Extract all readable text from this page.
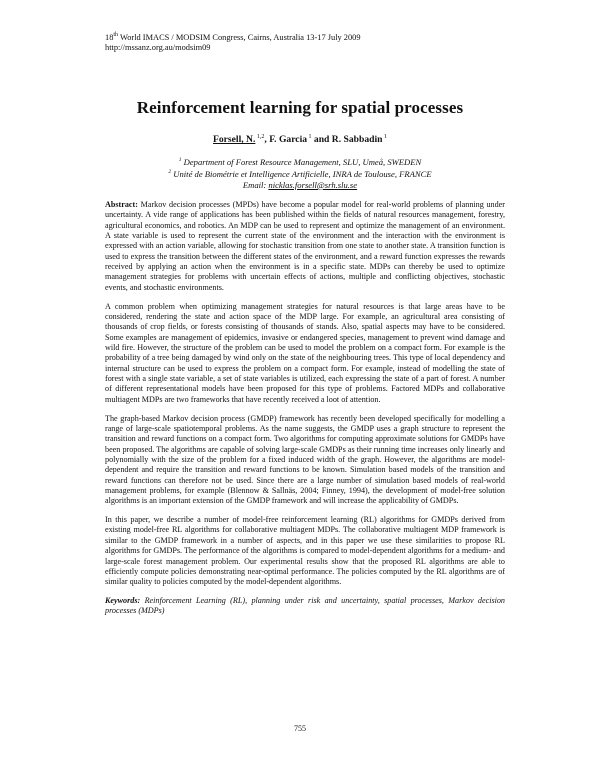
18th World IMACS / MODSIM Congress, Cairns, Australia 13-17 July 2009
http://mssanz.org.au/modsim09
Reinforcement learning for spatial processes
Forsell, N. $^{1,2}$, F. Garcia $^1$ and R. Sabbadin $^1$
$^1$ Department of Forest Resource Management, SLU, Umeå, SWEDEN
$^2$ Unité de Biométrie et Intelligence Artificielle, INRA de Toulouse, FRANCE
Email: nicklas.forsell@srh.slu.se

Abstract: Markov decision processes (MPDs) have become a popular model for real-world problems of planning under uncertainty. A vide range of applications has been published within the fields of natural resources management, forestry, agricultural economics, and robotics. An MDP can be used to represent and optimize the management of an environment. A state variable is used to represent the current state of the environment and the interaction with the environment is expressed with an action variable, allowing for stochastic transition from one state to another state. A transition function is used to express the transition between the different states of the environment, and a reward function expresses the rewards received by applying an action when the environment is in a specific state. MDPs can thereby be used to optimize management strategies for problems with uncertain effects of actions, multiple and conflicting objectives, stochastic events, and stochastic environments.

A common problem when optimizing management strategies for natural resources is that large areas have to be considered, rendering the state and action space of the MDP large. For example, an agricultural area consisting of thousands of crop fields, or forests consisting of thousands of stands. Also, spatial aspects may have to be considered. Some examples are management of epidemics, invasive or endangered species, management to prevent wind damage and wild fire. However, the structure of the problem can be used to model the problem on a compact form. For example is the probability of a tree being damaged by wind only on the state of the neighbouring trees. This type of local dependency and internal structure can be used to express the problem on a compact form. For example, instead of modelling the state of forest with a single state variable, a set of state variables is utilized, each expressing the state of a part of forest. A number of different representational models have been proposed for this type of problems. Factored MDPs and collaborative multiagent MDPs are two frameworks that have recently received a loot of attention.

The graph-based Markov decision process (GMDP) framework has recently been developed specifically for modelling a range of large-scale spatiotemporal problems. As the name suggests, the GMDP uses a graph structure to represent the transition and reward functions on a compact form. Two algorithms for computing approximate solutions for GMDPs have been proposed. The algorithms are capable of solving large-scale GMDPs as their running time increases only linearly and polynomially with the size of the problem for a fixed induced width of the graph. However, the algorithms are model-dependent and require the transition and reward functions to be known. Simulation based models of the transition and reward functions can therefore not be used. Since there are a large number of simulation based models of real-world management problems, for example (Blennow & Sallnäs, 2004; Finney, 1994), the development of model-free solution algorithms is an important extension of the GMDP framework and will increase the applicability of GMDPs.

In this paper, we describe a number of model-free reinforcement learning (RL) algorithms for GMDPs derived from existing model-free RL algorithms for collaborative multiagent MDPs. The collaborative multiagent MDP framework is similar to the GMDP framework in a number of aspects, and in this paper we use these similarities to propose RL algorithms for GMDPs. The performance of the algorithms is compared to model-dependent algorithms for a medium- and large-scale forest management problem. Our experimental results show that the proposed RL algorithms are able to efficiently compute policies demonstrating near-optimal performance. The policies computed by the RL algorithms are of similar quality to policies computed by the model-dependent algorithms.

Keywords: Reinforcement Learning (RL), planning under risk and uncertainty, spatial processes, Markov decision processes (MDPs)

755
